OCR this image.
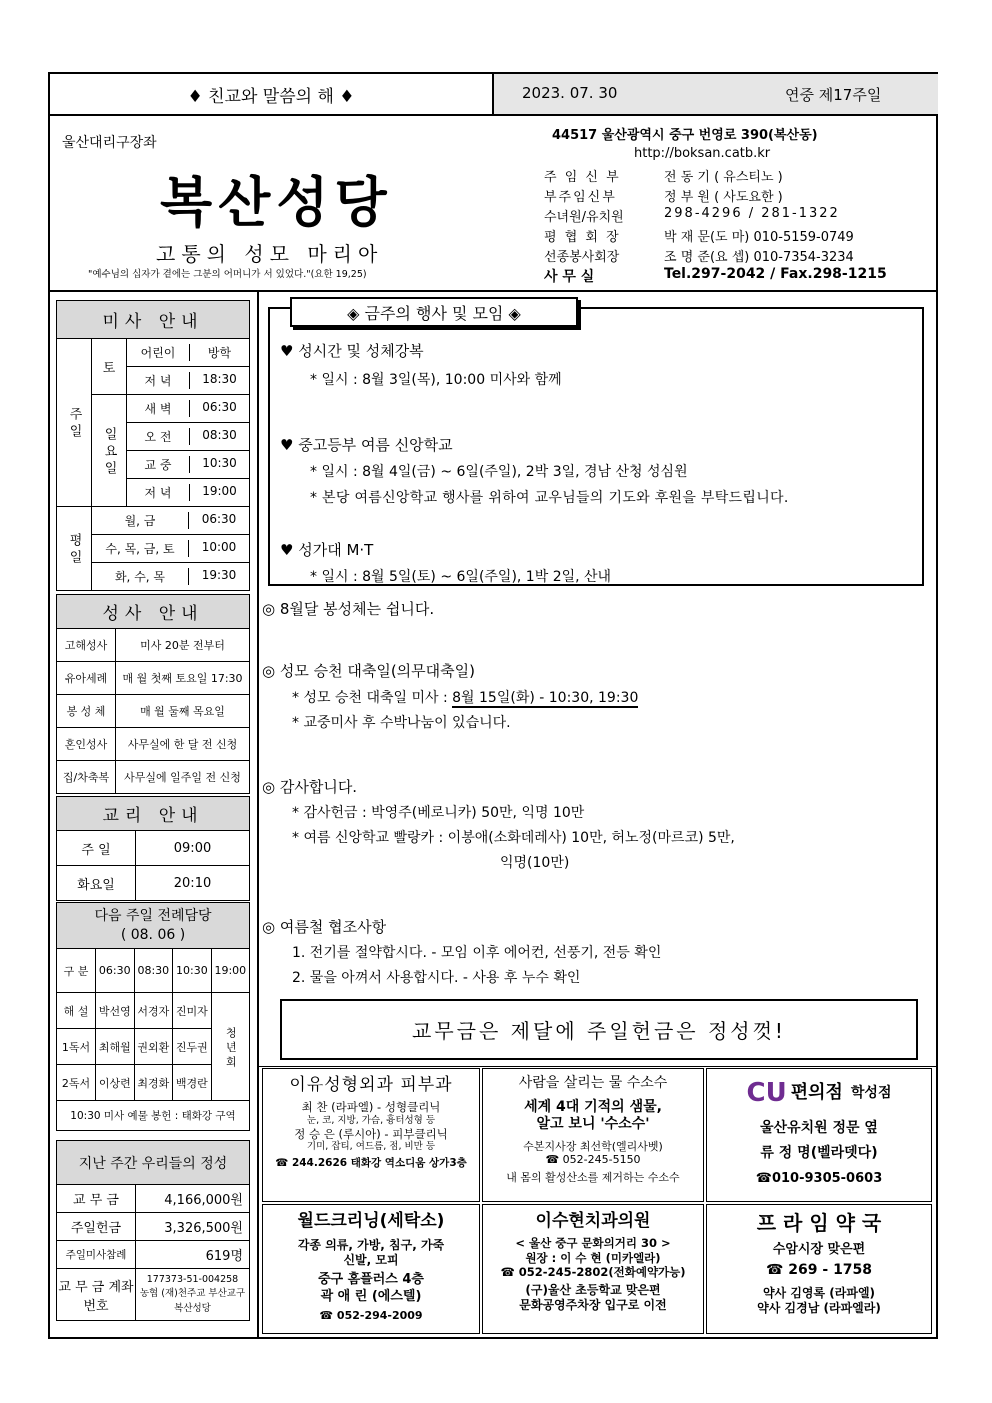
♦ 친교와 말씀의 해 ♦	2023. 07. 30	연중 제17주일
울산대리구장좌
복산성당
고통의 성모 마리아
"예수님의 십자가 곁에는 그분의 어머니가 서 있었다."(요한 19,25)
44517 울산광역시 중구 번영로 390(복산동)
http://boksan.catb.kr
주 임 신 부	전 동 기 ( 유스티노 )
부주임신부	정 부 원 ( 사도요한 )
수녀원/유치원	298-4296 / 281-1322
평 협 회 장	박 재 문(도 마) 010-5159-0749
선종봉사회장	조 명 준(요 셉) 010-7354-3234
사 무 실	Tel.297-2042 / Fax.298-1215
미사 안내		
주 일	토	어린이 방학

		저 녁 18:30

	일 요 일	새 벽 06:30

		오 전 08:30

		교 중 10:30

		저 녁 19:00

평 일	월, 금 06:30	

	수, 목, 금, 토 10:00	

	화, 수, 목 19:30	
성사 안내	
고해성사	미사 20분 전부터
유아세례	매 월 첫째 토요일 17:30
봉 성 체	매 월 둘째 목요일
혼인성사	사무실에 한 달 전 신청
집/차축복	사무실에 일주일 전 신청
교리 안내	
주 일	09:00
화요일	20:10
다음 주일 전례담당
( 08. 06 )				

구 분	06:30	08:30	10:30	19:00
해 설	박선영	서경자	진미자	청 년 회
1독서	최해월	권외환	진두권	
2독서	이상련	최경화	백경란	
10:30 미사 예물 봉헌 : 태화강 구역				
지난 주간 우리들의 정성	
교 무 금	4,166,000원
주일헌금	3,326,500원
주일미사참례	619명
교 무 금 계좌번호	177373-51-004258
농협 (재)천주교 부산교구
복산성당
◈ 금주의 행사 및 모임 ◈
♥ 성시간 및 성체강복
* 일시 : 8월 3일(목), 10:00 미사와 함께
♥ 중고등부 여름 신앙학교
* 일시 : 8월 4일(금) ~ 6일(주일), 2박 3일, 경남 산청 성심원
* 본당 여름신앙학교 행사를 위하여 교우님들의 기도와 후원을 부탁드립니다.
♥ 성가대 M·T
* 일시 : 8월 5일(토) ~ 6일(주일), 1박 2일, 산내
◎ 8월달 봉성체는 쉽니다.
◎ 성모 승천 대축일(의무대축일)
* 성모 승천 대축일 미사 : 8월 15일(화) - 10:30, 19:30
* 교중미사 후 수박나눔이 있습니다.
◎ 감사합니다.
* 감사헌금 : 박영주(베로니카) 50만, 익명 10만
* 여름 신앙학교 빨랑카 : 이봉애(소화데레사) 10만, 허노정(마르코) 5만,
익명(10만)
◎ 여름철 협조사항
1. 전기를 절약합시다. - 모임 이후 에어컨, 선풍기, 전등 확인
2. 물을 아껴서 사용합시다. - 사용 후 누수 확인
교무금은 제달에 주일헌금은 정성껏!
이유성형외과 피부과
최 찬 (라파엘) - 성형클리닉
눈, 코, 지방, 가슴, 흉터성형 등
정 승 은 (루시아) - 피부클리닉
기미, 잡티, 여드름, 점, 비만 등
☎ 244.2626 태화강 역소디움 상가3층
사람을 살리는 물 수소수
세계 4대 기적의 샘물,
알고 보니 '수소수'
수본지사장 최선학(엘리사벳)
☎ 052-245-5150
내 몸의 활성산소를 제거하는 수소수
CU 편의점 학성점
울산유치원 정문 옆
류 정 명(벨라뎃다)
☎010-9305-0603
월드크리닝(세탁소)
각종 의류, 가방, 침구, 가죽
신발, 모피
중구 홈플러스 4층
곽 애 린 (에스텔)
☎ 052-294-2009
이수현치과의원
< 울산 중구 문화의거리 30 >
원장 : 이 수 현 (미카엘라)
☎ 052-245-2802(전화예약가능)
(구)울산 초등학교 맞은편
문화공영주차장 입구로 이전
프 라 임 약 국
수암시장 맞은편
☎ 269 - 1758
약사 김영록 (라파엘)
약사 김경남 (라파엘라)
